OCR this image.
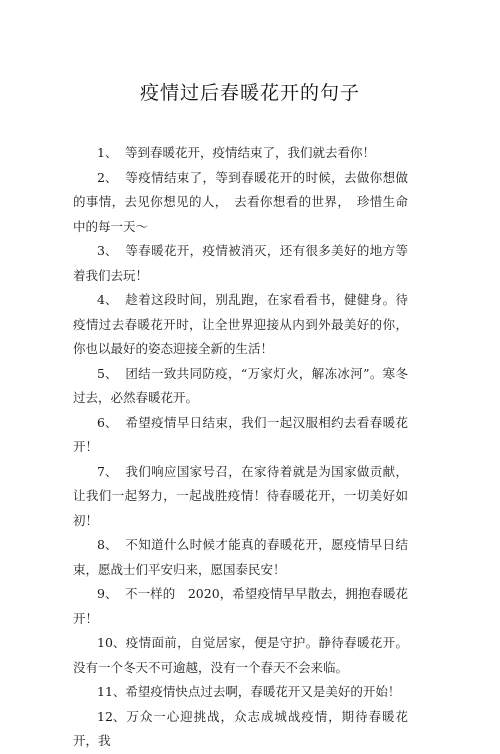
疫情过后春暖花开的句子

1、 等到春暖花开，疫情结束了，我们就去看你！

2、 等疫情结束了，等到春暖花开的时候，去做你想做的事情，去见你想见的人，　去看你想看的世界，　珍惜生命中的每一天～

3、 等春暖花开，疫情被消灭，还有很多美好的地方等着我们去玩！

4、 趁着这段时间，别乱跑，在家看看书，健健身。待疫情过去春暖花开时，让全世界迎接从内到外最美好的你，你也以最好的姿态迎接全新的生活！

5、 团结一致共同防疫，“万家灯火，解冻冰河”。寒冬过去，必然春暖花开。

6、 希望疫情早日结束，我们一起汉服相约去看春暖花开！

7、 我们响应国家号召，在家待着就是为国家做贡献，让我们一起努力，一起战胜疫情！待春暖花开，一切美好如初！

8、 不知道什么时候才能真的春暖花开，愿疫情早日结束，愿战士们平安归来，愿国泰民安！

9、 不一样的　2020，希望疫情早早散去，拥抱春暖花开！

10、疫情面前，自觉居家，便是守护。静待春暖花开。没有一个冬天不可逾越，没有一个春天不会来临。

11、希望疫情快点过去啊，春暖花开又是美好的开始！

12、万众一心迎挑战，众志成城战疫情，期待春暖花开，我
